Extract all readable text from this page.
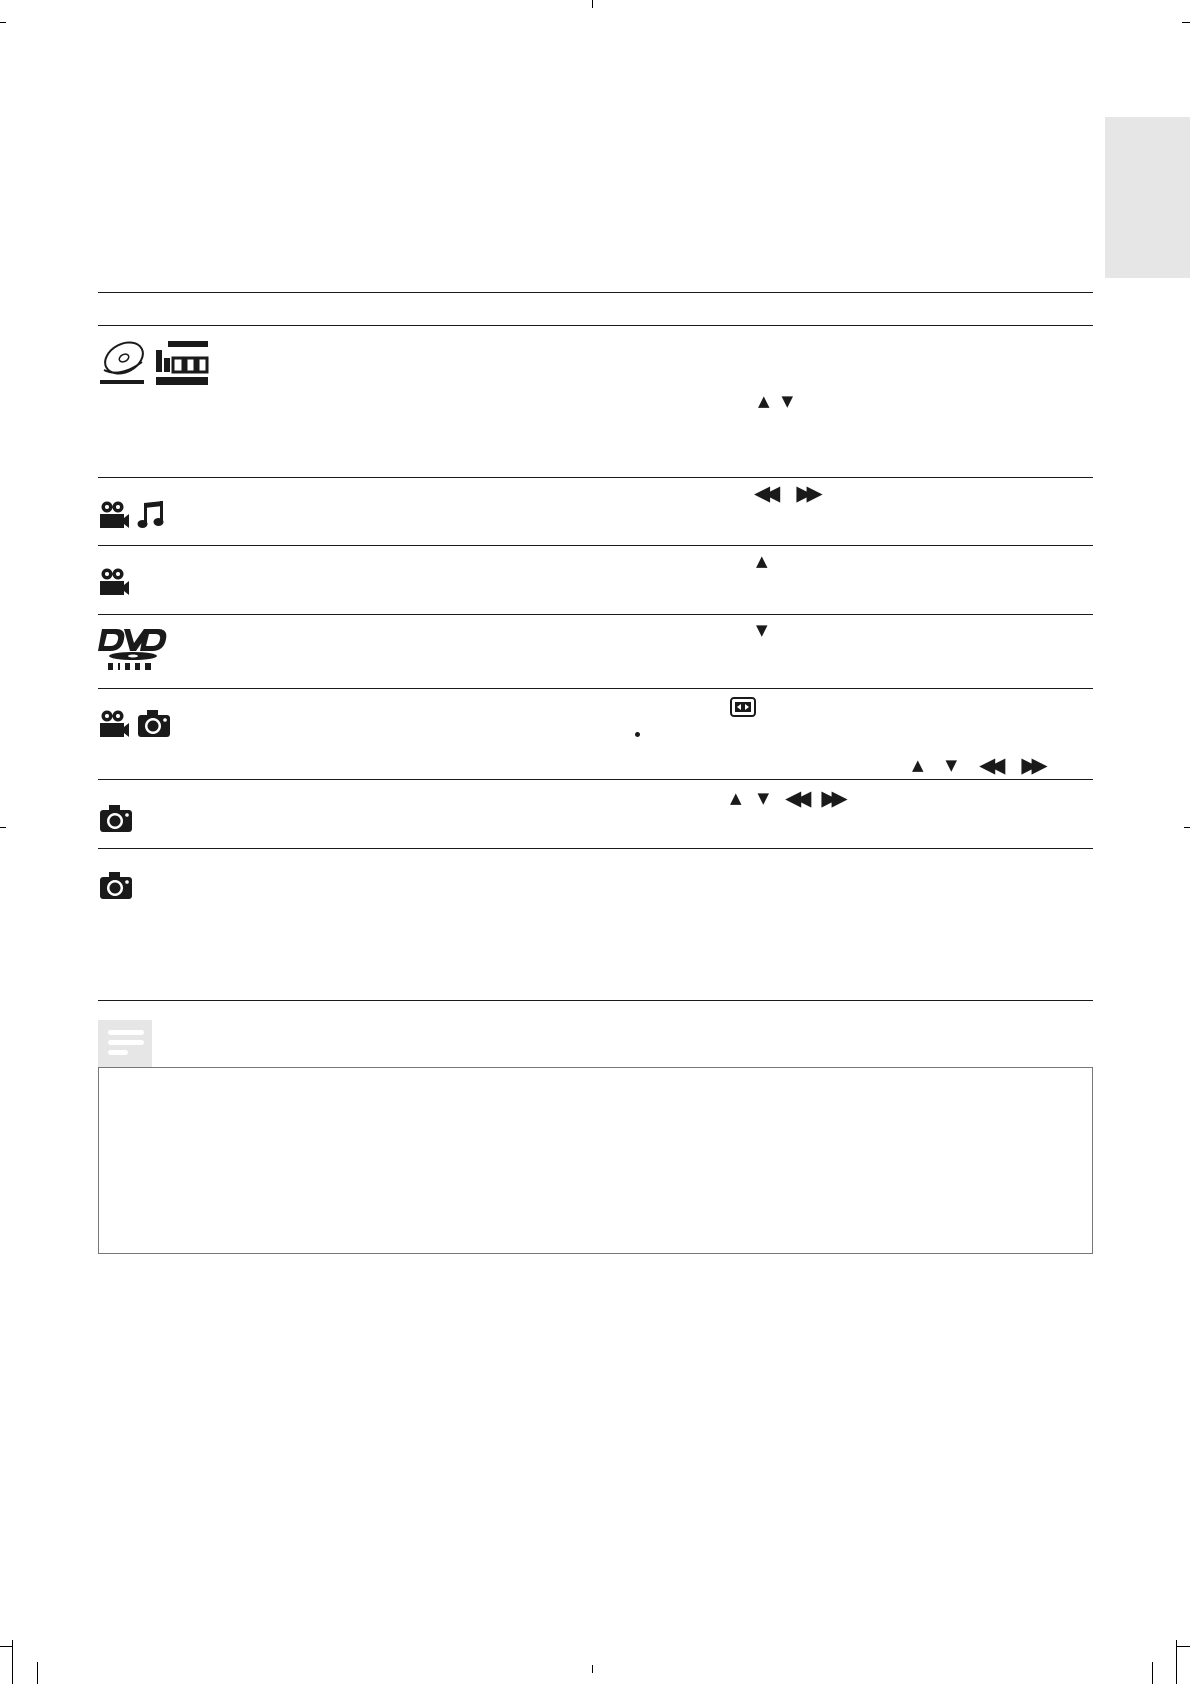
▲ ▼
◀◀ ▶▶
▲
▼
▲ ▼ ◀◀ ▶▶
▲ ▼ ◀◀ ▶▶
